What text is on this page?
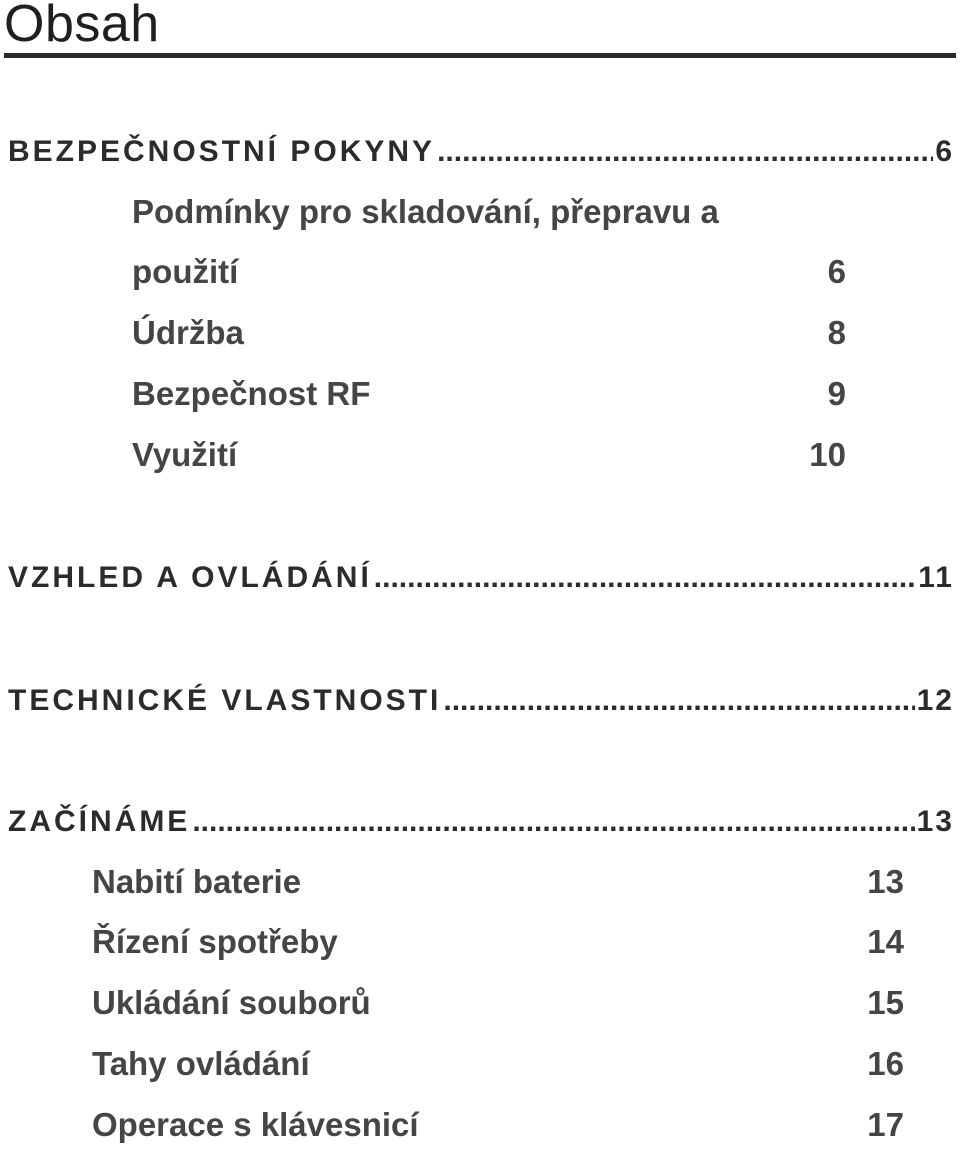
Obsah
BEZPEČNOSTNÍ POKYNY .....	6
Podmínky pro skladování, přepravu a
použití	6
Údržba	8
Bezpečnost RF	9
Využití	10
VZHLED A OVLÁDÁNÍ .....	11
TECHNICKÉ VLASTNOSTI .....	12
ZAČÍNÁME .....	13
Nabití baterie	13
Řízení spotřeby	14
Ukládání souborů	15
Tahy ovládání	16
Operace s klávesnicí	17
